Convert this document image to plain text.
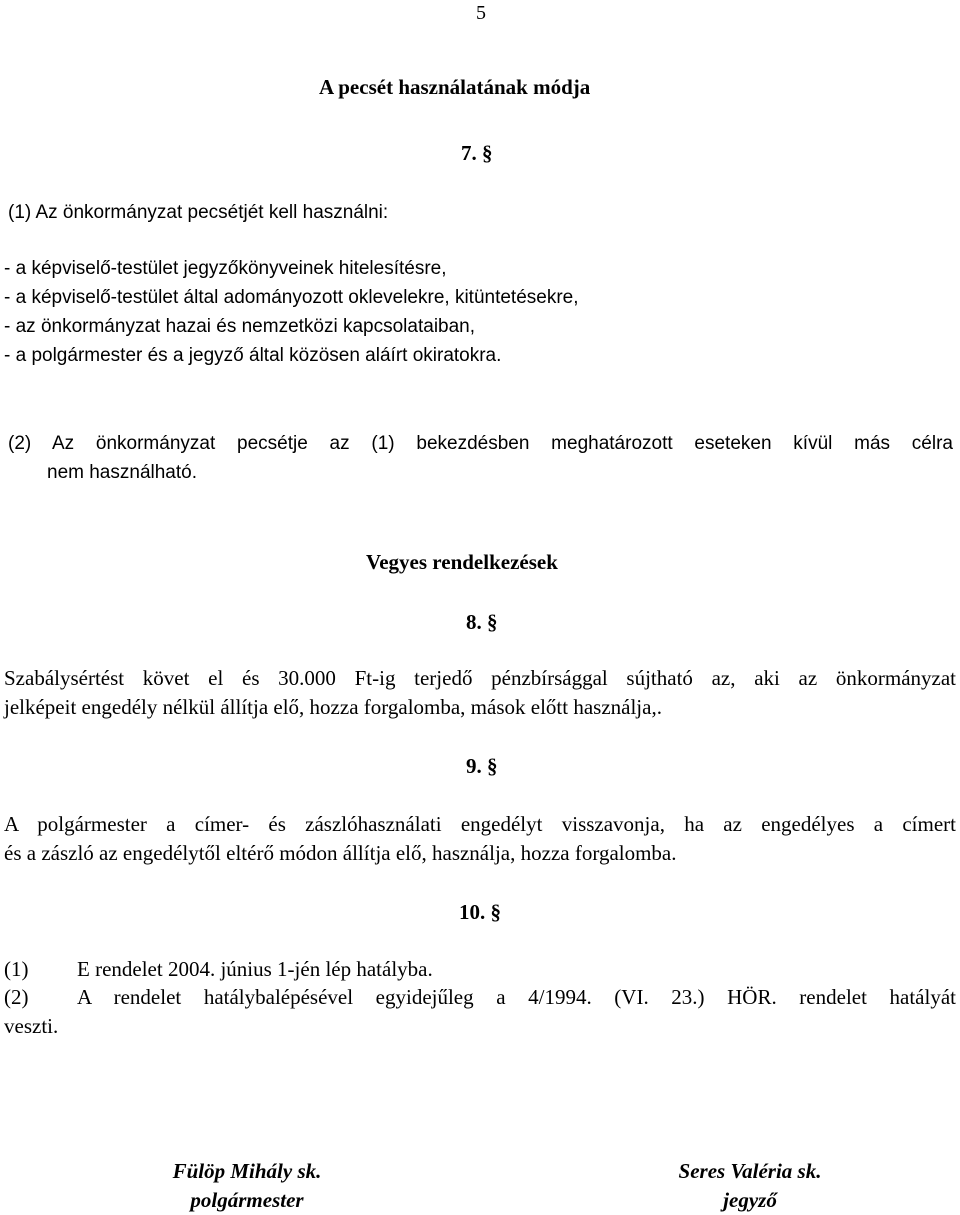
5
A pecsét használatának módja
7. §
(1) Az önkormányzat pecsétjét kell használni:
- a képviselő-testület jegyzőkönyveinek hitelesítésre,
- a képviselő-testület által adományozott oklevelekre, kitüntetésekre,
- az önkormányzat hazai és nemzetközi kapcsolataiban,
- a polgármester és a jegyző által közösen aláírt okiratokra.
(2) Az önkormányzat pecsétje az (1) bekezdésben meghatározott eseteken kívül más célra
nem használható.
Vegyes rendelkezések
8. §
Szabálysértést követ el és 30.000 Ft-ig terjedő pénzbírsággal sújtható az, aki az önkormányzat
jelképeit engedély nélkül állítja elő, hozza forgalomba, mások előtt használja,.
9. §
A polgármester a címer- és zászlóhasználati engedélyt visszavonja, ha az engedélyes a címert
és a zászló az engedélytől eltérő módon állítja elő, használja, hozza forgalomba.
10. §
(1) E rendelet 2004. június 1-jén lép hatályba.
(2) A rendelet hatálybalépésével egyidejűleg a 4/1994. (VI. 23.) HÖR. rendelet hatályát
veszti.
Fülöp Mihály sk.
polgármester
Seres Valéria sk.
jegyző
